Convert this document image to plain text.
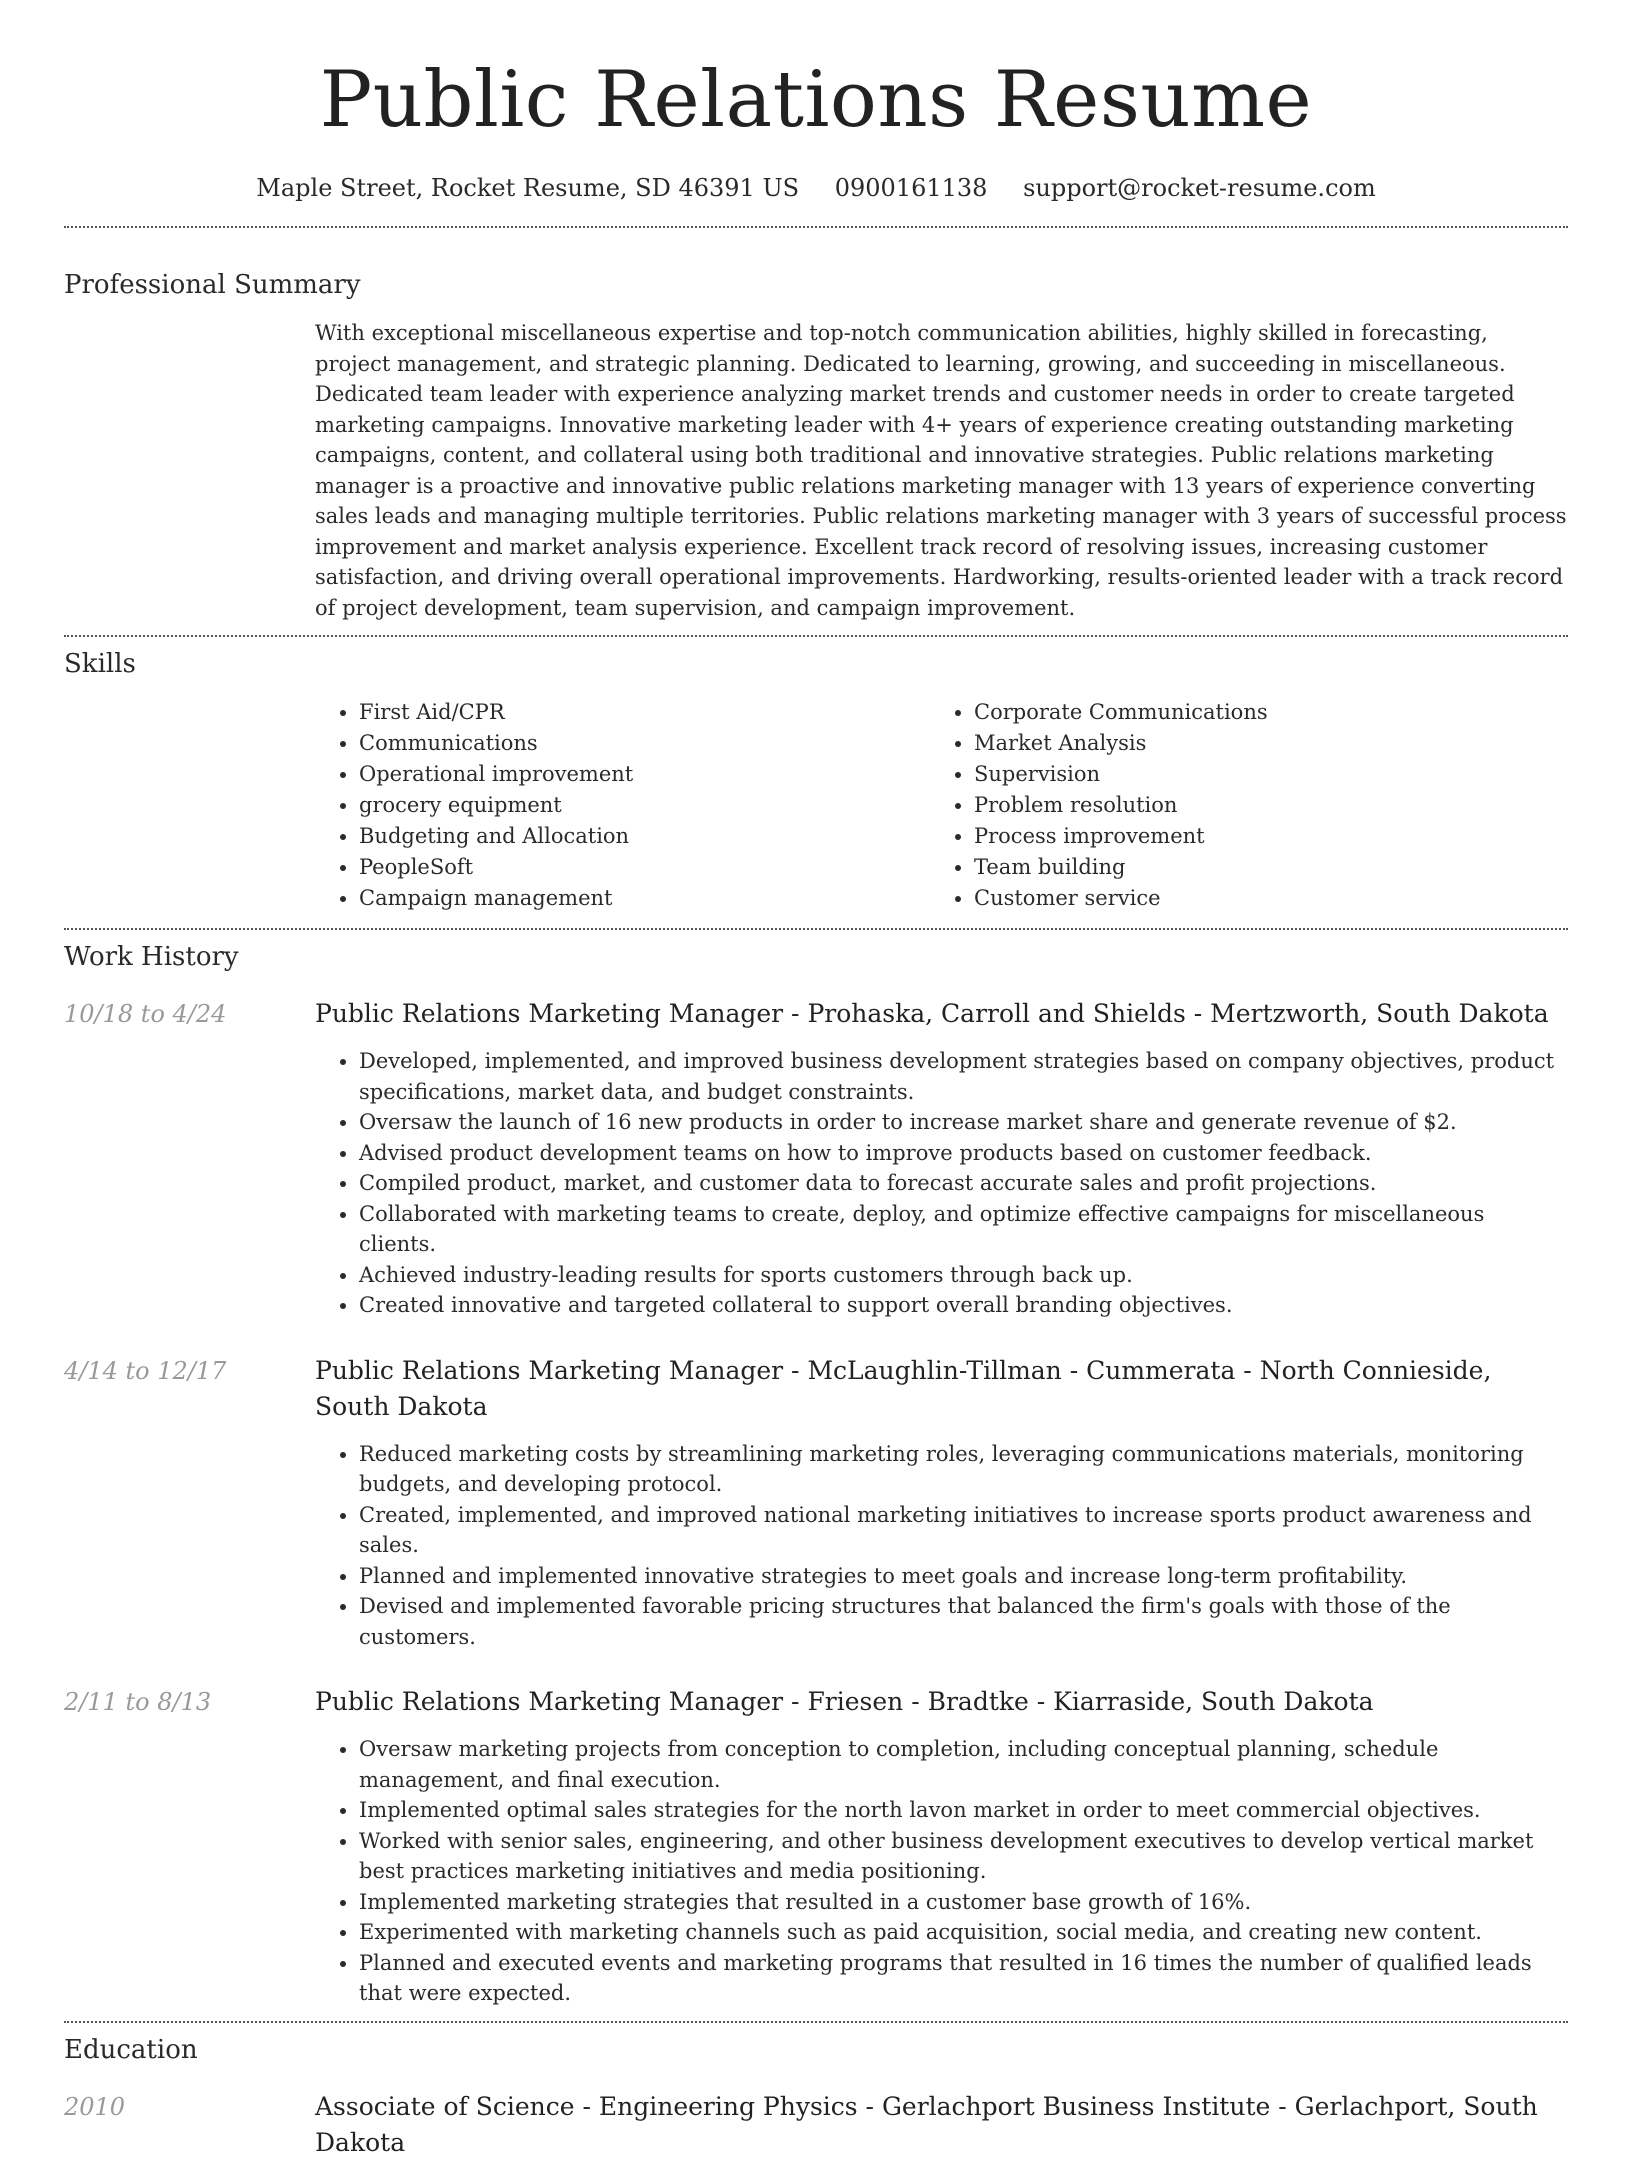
Public Relations Resume
Maple Street, Rocket Resume, SD 46391 US 0900161138 support@rocket-resume.com
Professional Summary

With exceptional miscellaneous expertise and top-notch communication abilities, highly skilled in forecasting, project management, and strategic planning. Dedicated to learning, growing, and succeeding in miscellaneous. Dedicated team leader with experience analyzing market trends and customer needs in order to create targeted marketing campaigns. Innovative marketing leader with 4+ years of experience creating outstanding marketing campaigns, content, and collateral using both traditional and innovative strategies. Public relations marketing manager is a proactive and innovative public relations marketing manager with 13 years of experience converting sales leads and managing multiple territories. Public relations marketing manager with 3 years of successful process improvement and market analysis experience. Excellent track record of resolving issues, increasing customer satisfaction, and driving overall operational improvements. Hardworking, results-oriented leader with a track record of project development, team supervision, and campaign improvement.

Skills
• First Aid/CPR
• Communications
• Operational improvement
• grocery equipment
• Budgeting and Allocation
• PeopleSoft
• Campaign management
• Corporate Communications
• Market Analysis
• Supervision
• Problem resolution
• Process improvement
• Team building
• Customer service
Work History
10/18 to 4/24	Public Relations Marketing Manager - Prohaska, Carroll and Shields - Mertzworth, South Dakota
• Developed, implemented, and improved business development strategies based on company objectives, product specifications, market data, and budget constraints.
• Oversaw the launch of 16 new products in order to increase market share and generate revenue of $2.
• Advised product development teams on how to improve products based on customer feedback.
• Compiled product, market, and customer data to forecast accurate sales and profit projections.
• Collaborated with marketing teams to create, deploy, and optimize effective campaigns for miscellaneous clients.
• Achieved industry-leading results for sports customers through back up.
• Created innovative and targeted collateral to support overall branding objectives.
4/14 to 12/17	Public Relations Marketing Manager - McLaughlin-Tillman - Cummerata - North Connieside, South Dakota
• Reduced marketing costs by streamlining marketing roles, leveraging communications materials, monitoring budgets, and developing protocol.
• Created, implemented, and improved national marketing initiatives to increase sports product awareness and sales.
• Planned and implemented innovative strategies to meet goals and increase long-term profitability.
• Devised and implemented favorable pricing structures that balanced the firm's goals with those of the customers.
2/11 to 8/13	Public Relations Marketing Manager - Friesen - Bradtke - Kiarraside, South Dakota
• Oversaw marketing projects from conception to completion, including conceptual planning, schedule management, and final execution.
• Implemented optimal sales strategies for the north lavon market in order to meet commercial objectives.
• Worked with senior sales, engineering, and other business development executives to develop vertical market best practices marketing initiatives and media positioning.
• Implemented marketing strategies that resulted in a customer base growth of 16%.
• Experimented with marketing channels such as paid acquisition, social media, and creating new content.
• Planned and executed events and marketing programs that resulted in 16 times the number of qualified leads that were expected.
Education
2010	Associate of Science - Engineering Physics - Gerlachport Business Institute - Gerlachport, South Dakota
